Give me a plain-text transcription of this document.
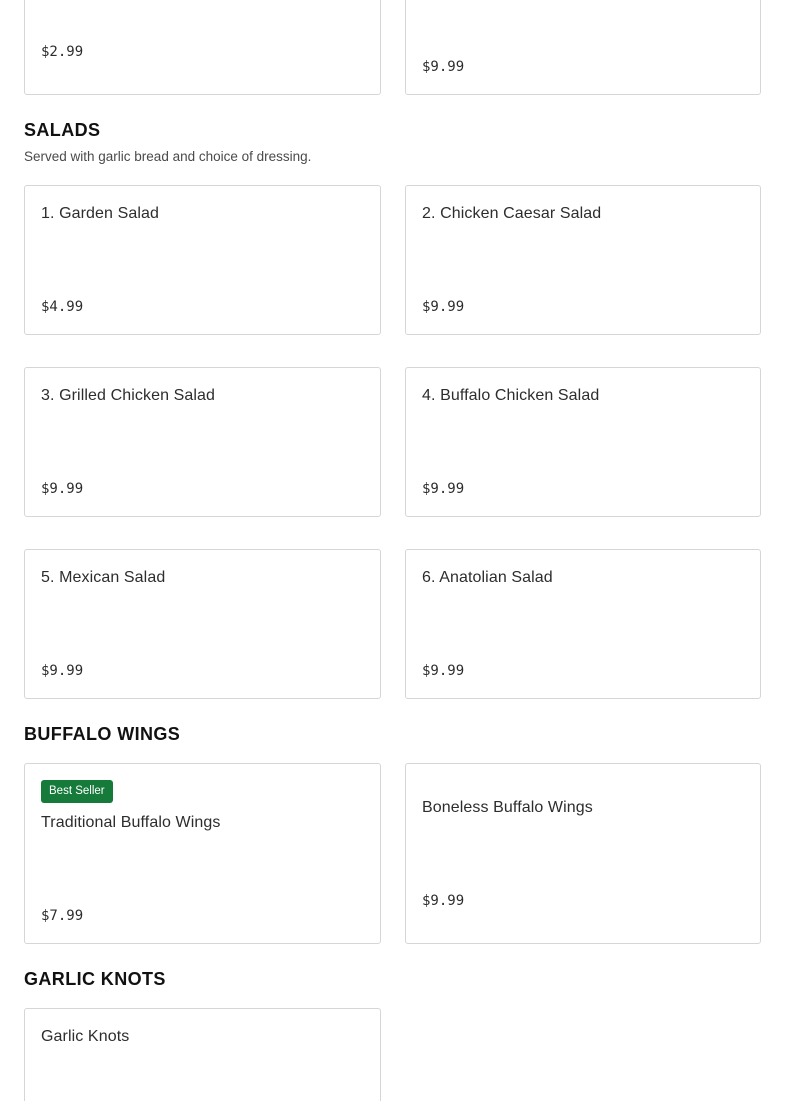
$2.99
$9.99
SALADS

Served with garlic bread and choice of dressing.

1. Garden Salad
$4.99
2. Chicken Caesar Salad
$9.99
3. Grilled Chicken Salad
$9.99
4. Buffalo Chicken Salad
$9.99
5. Mexican Salad
$9.99
6. Anatolian Salad
$9.99
BUFFALO WINGS
Best Seller
Traditional Buffalo Wings
$7.99
Boneless Buffalo Wings
$9.99
GARLIC KNOTS
Garlic Knots
